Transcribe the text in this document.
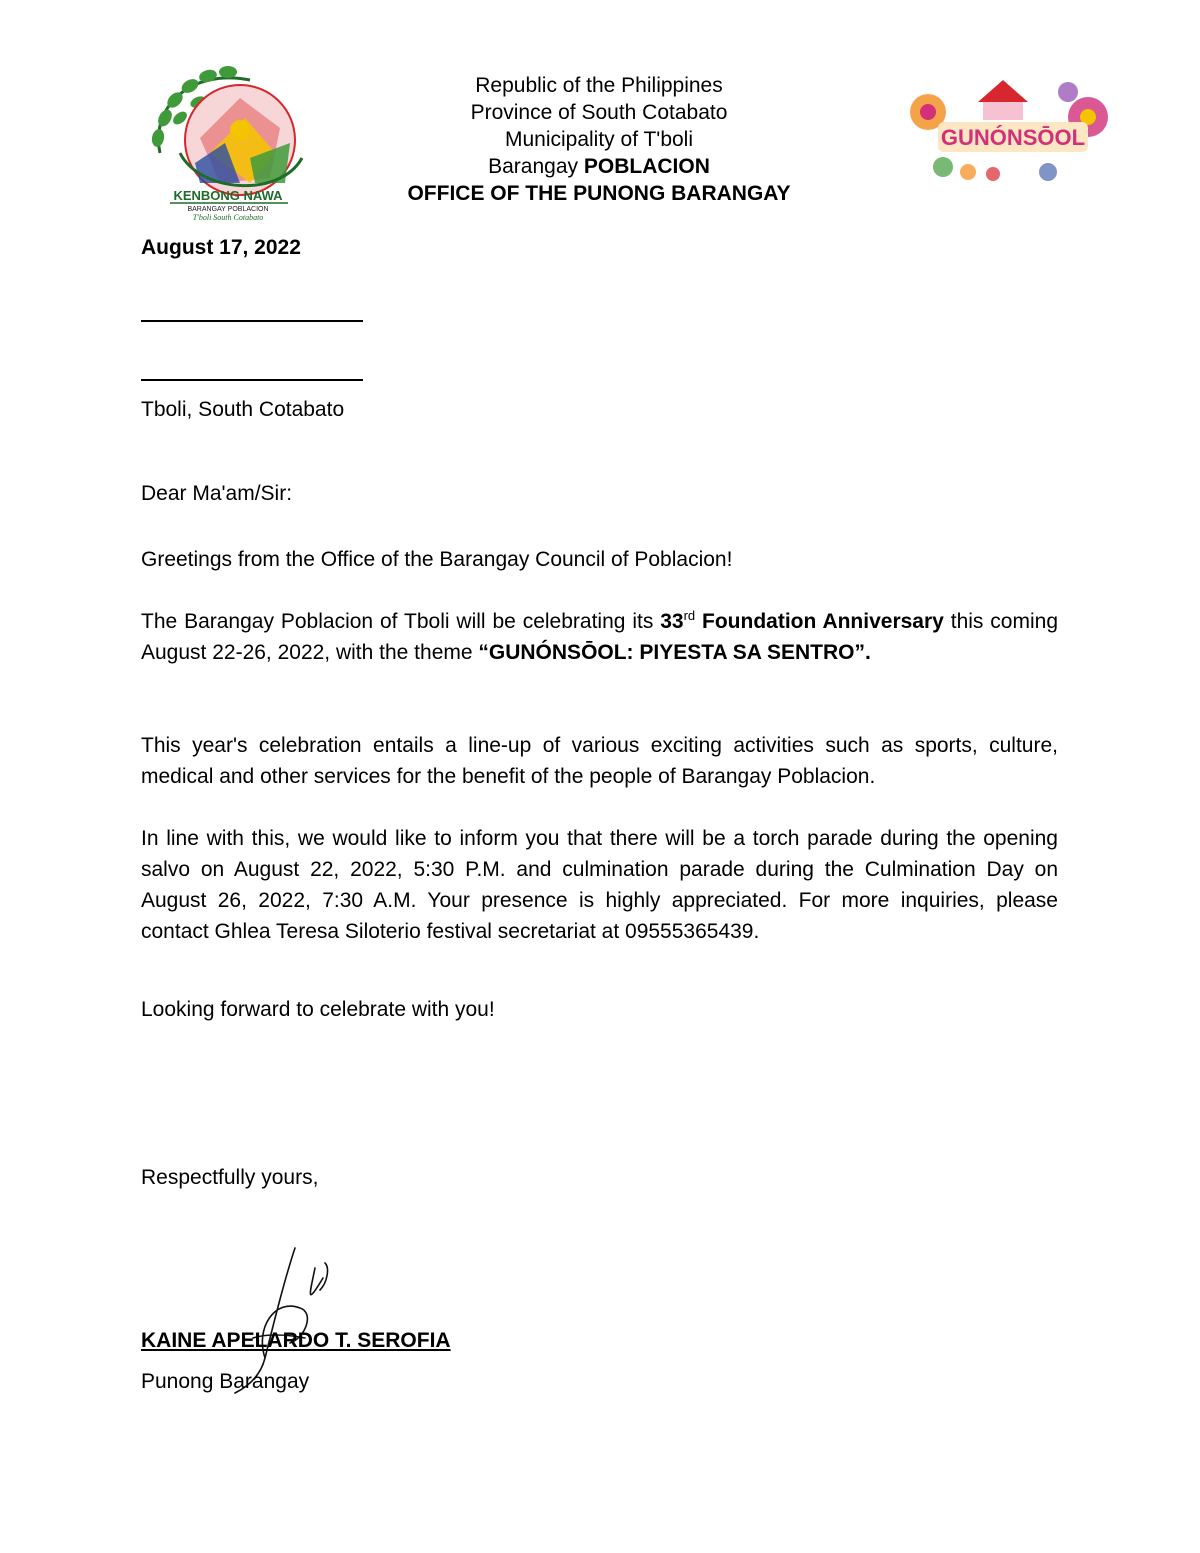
KENBONG NAWA
BARANGAY POBLACION
T'boli South Cotabato
Republic of the Philippines
Province of South Cotabato
Municipality of T'boli
Barangay POBLACION
OFFICE OF THE PUNONG BARANGAY
GUNÓNSŌOL
August 17, 2022
Tboli, South Cotabato
Dear Ma'am/Sir:
Greetings from the Office of the Barangay Council of Poblacion!
The Barangay Poblacion of Tboli will be celebrating its 33rd Foundation Anniversary this coming August 22-26, 2022, with the theme “GUNÓNSŌOL: PIYESTA SA SENTRO”.
This year's celebration entails a line-up of various exciting activities such as sports, culture, medical and other services for the benefit of the people of Barangay Poblacion.
In line with this, we would like to inform you that there will be a torch parade during the opening salvo on August 22, 2022, 5:30 P.M. and culmination parade during the Culmination Day on August 26, 2022, 7:30 A.M. Your presence is highly appreciated. For more inquiries, please contact Ghlea Teresa Siloterio festival secretariat at 09555365439.
Looking forward to celebrate with you!
Respectfully yours,
KAINE APELARDO T. SEROFIA
Punong Barangay
